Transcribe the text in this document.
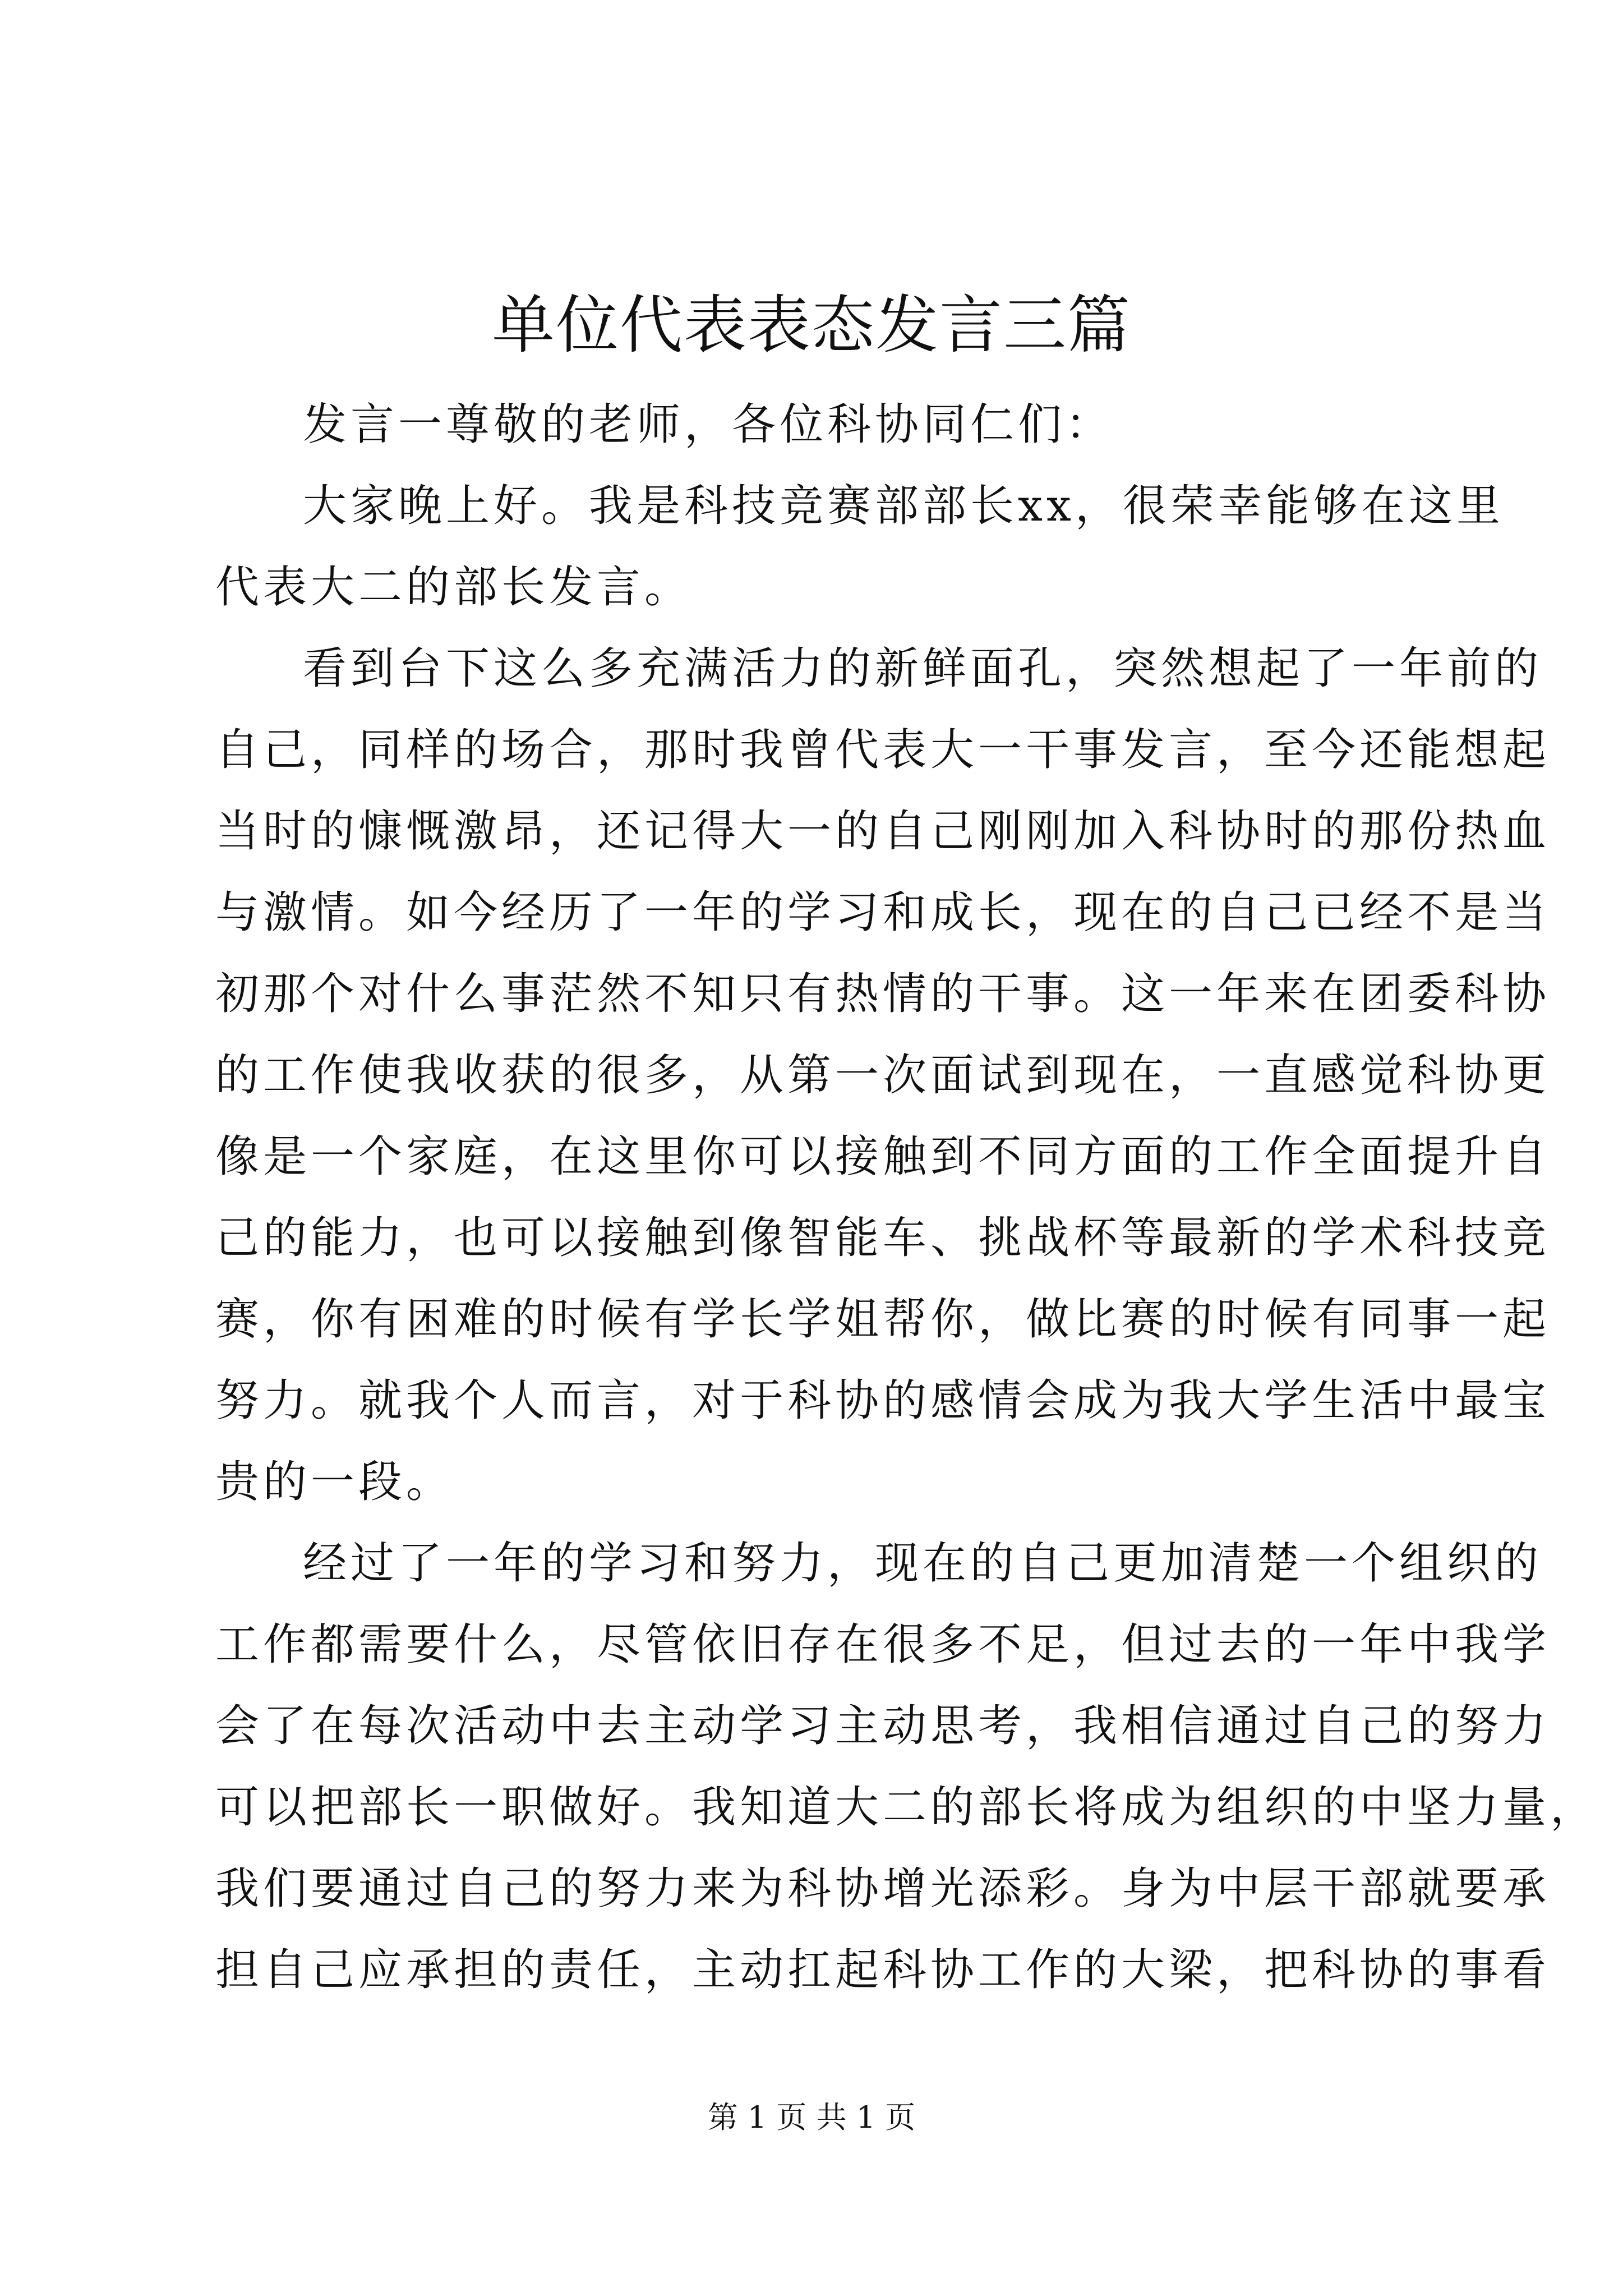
单位代表表态发言三篇
发言一尊敬的老师，各位科协同仁们：
大家晚上好。我是科技竞赛部部长xx，很荣幸能够在这里
代表大二的部长发言。
看到台下这么多充满活力的新鲜面孔，突然想起了一年前的
自己，同样的场合，那时我曾代表大一干事发言，至今还能想起
当时的慷慨激昂，还记得大一的自己刚刚加入科协时的那份热血
与激情。如今经历了一年的学习和成长，现在的自己已经不是当
初那个对什么事茫然不知只有热情的干事。这一年来在团委科协
的工作使我收获的很多，从第一次面试到现在，一直感觉科协更
像是一个家庭，在这里你可以接触到不同方面的工作全面提升自
己的能力，也可以接触到像智能车、挑战杯等最新的学术科技竞
赛，你有困难的时候有学长学姐帮你，做比赛的时候有同事一起
努力。就我个人而言，对于科协的感情会成为我大学生活中最宝
贵的一段。
经过了一年的学习和努力，现在的自己更加清楚一个组织的
工作都需要什么，尽管依旧存在很多不足，但过去的一年中我学
会了在每次活动中去主动学习主动思考，我相信通过自己的努力
可以把部长一职做好。我知道大二的部长将成为组织的中坚力量，
我们要通过自己的努力来为科协增光添彩。身为中层干部就要承
担自己应承担的责任，主动扛起科协工作的大梁，把科协的事看
第 1 页 共 1 页
